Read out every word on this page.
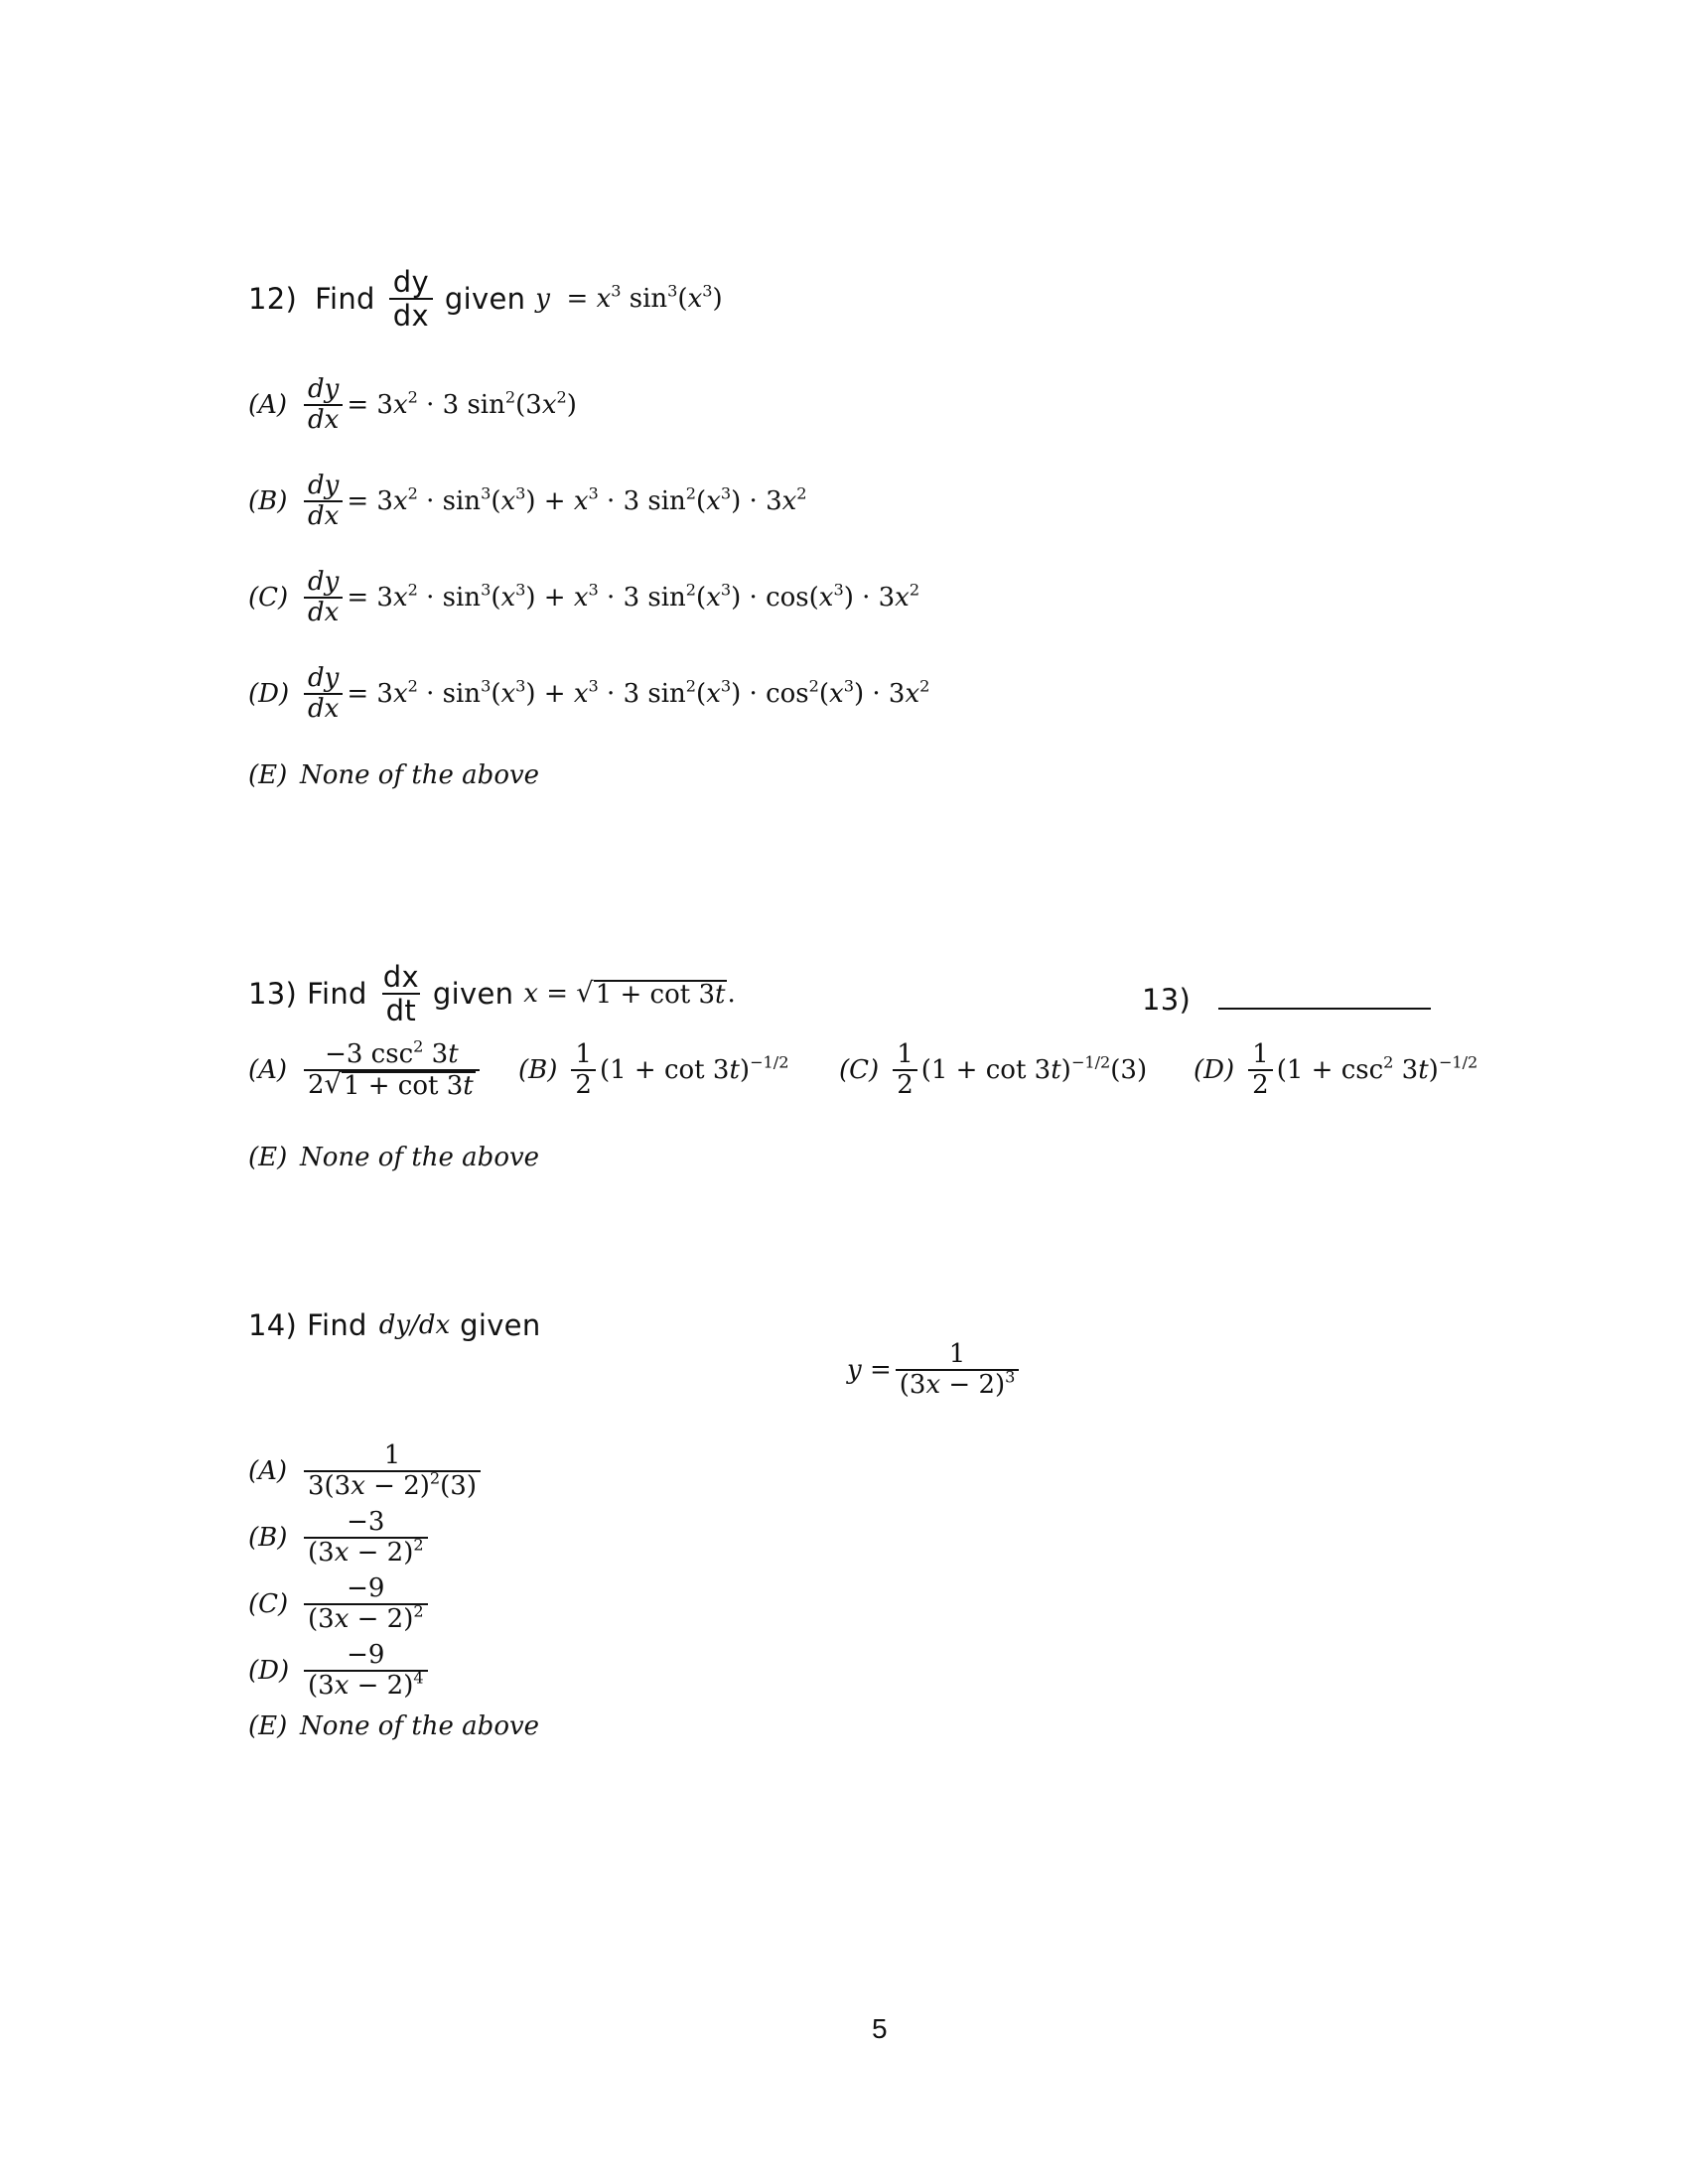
12) Find $\frac{dy}{dx}$ given $y = x^3$ $\sin^3(x^3)$
$(A) \frac{dy}{dx} = 3x^2 \cdot 3$ $\sin^2(3x^2)$
$(B) \frac{dy}{dx} = 3x^2 \cdot \sin^3(x^3) + x^3 \cdot 3$ $\sin^2(x^3) \cdot 3x^2$
$(C) \frac{dy}{dx} = 3x^2 \cdot \sin^3(x^3) + x^3 \cdot 3$ $\sin^2(x^3) \cdot \cos(x^3) \cdot 3x^2$
$(D) \frac{dy}{dx} = 3x^2 \cdot \sin^3(x^3) + x^3 \cdot 3$ $\sin^2(x^3) \cdot \cos^2(x^3) \cdot 3x^2$
(E) None of the above
13) Find $\frac{dx}{dt}$ given x = √ 1 + cot 3t .	13)
$(A) \frac{-3 \csc^2 3t}{2 √ 1 + \cot 3t} (B) \frac{1}{2} (1 + \cot 3t)^{-1/2}$ $(C) \frac{1}{2} (1 + \cot 3t)^{-1/2}(3)$ $(D) \frac{1}{2} (1 + \csc^2 3t)^{-1/2}$
(E) None of the above
14) Find dy/dx given
$y = \frac{1}{(3x - 2)^3}$
$(A) \frac{1}{3(3x - 2)^2(3)}$
$(B) \frac{-3}{(3x - 2)^2}$
$(C) \frac{-9}{(3x - 2)^2}$
$(D) \frac{-9}{(3x - 2)^4}$
(E) None of the above
5
